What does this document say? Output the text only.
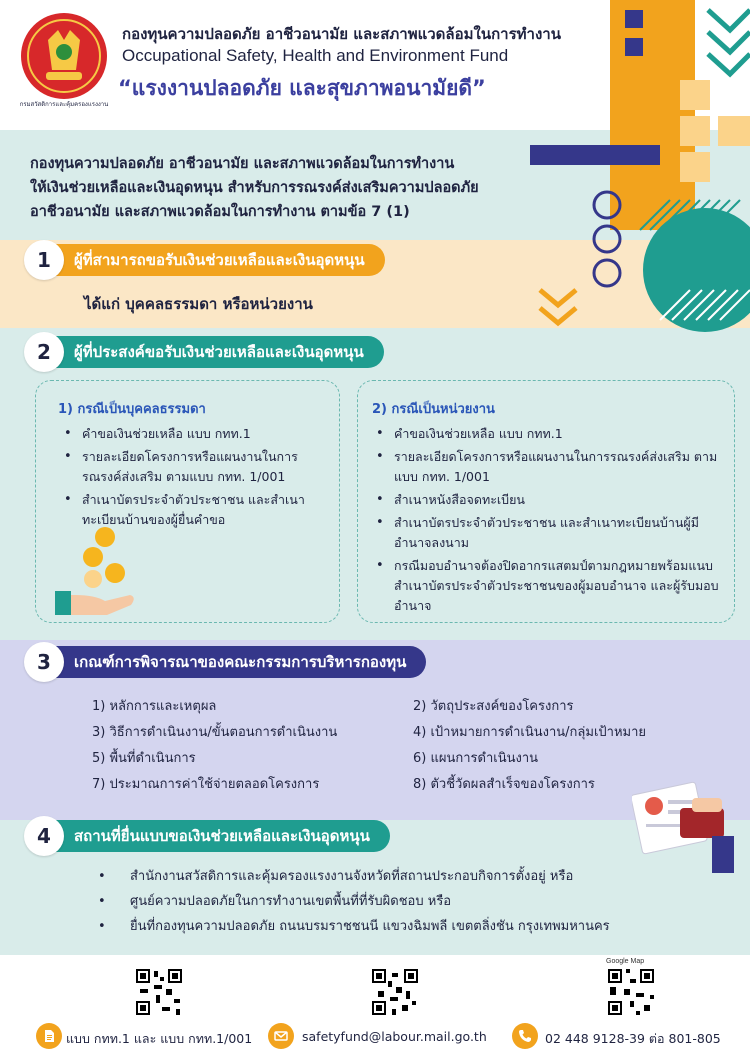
กรมสวัสดิการและคุ้มครองแรงงาน
กองทุนความปลอดภัย อาชีวอนามัย และสภาพแวดล้อมในการทำงาน
Occupational Safety, Health and Environment Fund
“แรงงานปลอดภัย และสุขภาพอนามัยดี”
กองทุนความปลอดภัย อาชีวอนามัย และสภาพแวดล้อมในการทำงาน
ให้เงินช่วยเหลือและเงินอุดหนุน สำหรับการรณรงค์ส่งเสริมความปลอดภัย
อาชีวอนามัย และสภาพแวดล้อมในการทำงาน ตามข้อ 7 (1)
1	ผู้ที่สามารถขอรับเงินช่วยเหลือและเงินอุดหนุน
ได้แก่ บุคคลธรรมดา หรือหน่วยงาน
2	ผู้ที่ประสงค์ขอรับเงินช่วยเหลือและเงินอุดหนุน
1) กรณีเป็นบุคคลธรรมดา
• คำขอเงินช่วยเหลือ แบบ กทท.1
• รายละเอียดโครงการหรือแผนงานในการรณรงค์ส่งเสริม ตามแบบ กทท. 1/001
• สำเนาบัตรประจำตัวประชาชน และสำเนาทะเบียนบ้านของผู้ยื่นคำขอ
2) กรณีเป็นหน่วยงาน
• คำขอเงินช่วยเหลือ แบบ กทท.1
• รายละเอียดโครงการหรือแผนงานในการรณรงค์ส่งเสริม ตามแบบ กทท. 1/001
• สำเนาหนังสือจดทะเบียน
• สำเนาบัตรประจำตัวประชาชน และสำเนาทะเบียนบ้านผู้มีอำนาจลงนาม
• กรณีมอบอำนาจต้องปิดอากรแสตมป์ตามกฎหมายพร้อมแนบสำเนาบัตรประจำตัวประชาชนของผู้มอบอำนาจ และผู้รับมอบอำนาจ
3	เกณฑ์การพิจารณาของคณะกรรมการบริหารกองทุน
1) หลักการและเหตุผล	2) วัตถุประสงค์ของโครงการ
3) วิธีการดำเนินงาน/ขั้นตอนการดำเนินงาน	4) เป้าหมายการดำเนินงาน/กลุ่มเป้าหมาย
5) พื้นที่ดำเนินการ	6) แผนการดำเนินงาน
7) ประมาณการค่าใช้จ่ายตลอดโครงการ	8) ตัวชี้วัดผลสำเร็จของโครงการ
4	สถานที่ยื่นแบบขอเงินช่วยเหลือและเงินอุดหนุน
• สำนักงานสวัสดิการและคุ้มครองแรงงานจังหวัดที่สถานประกอบกิจการตั้งอยู่ หรือ
• ศูนย์ความปลอดภัยในการทำงานเขตพื้นที่ที่รับผิดชอบ หรือ
• ยื่นที่กองทุนความปลอดภัย ถนนบรมราชชนนี แขวงฉิมพลี เขตตลิ่งชัน กรุงเทพมหานคร
Google Map
แบบ กทท.1 และ แบบ กทท.1/001	safetyfund@labour.mail.go.th	02 448 9128-39 ต่อ 801-805
